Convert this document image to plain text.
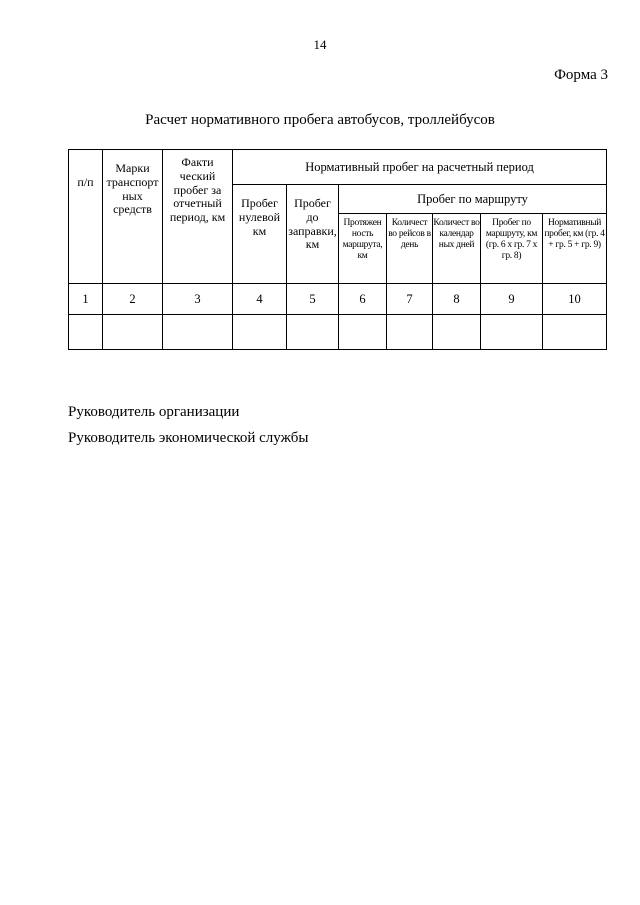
14
Форма 3
Расчет нормативного пробега автобусов, троллейбусов
п/п	Марки транспорт ных средств	Факти ческий пробег за отчетный период, км	Нормативный пробег на расчетный период						
			Пробег нулевой км	Пробег до заправки, км	Пробег по маршруту				
					Протяжен ность маршрута, км	Количест во рейсов в день	Количест во календар ных дней	Пробег по маршруту, км (гр. 6 х гр. 7 х гр. 8)	Нормативный пробег, км (гр. 4 + гр. 5 + гр. 9)
1	2	3	4	5	6	7	8	9	10

Руководитель организации
Руководитель экономической службы
